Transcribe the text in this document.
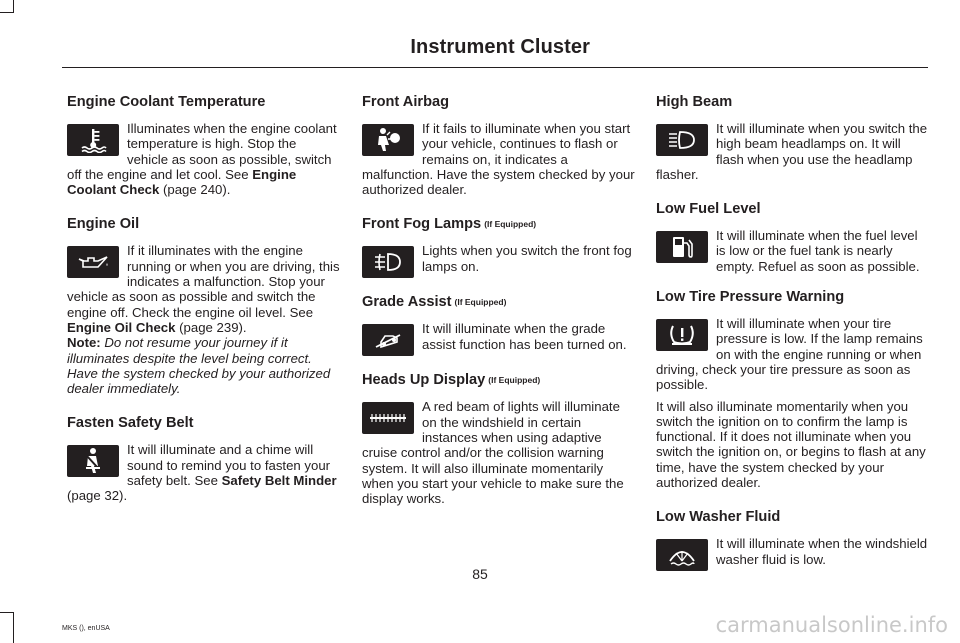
Instrument Cluster
Engine Coolant Temperature

Illuminates when the engine coolant temperature is high. Stop the vehicle as soon as possible, switch off the engine and let cool. See Engine Coolant Check (page 240).

Engine Oil

If it illuminates with the engine running or when you are driving, this indicates a malfunction. Stop your vehicle as soon as possible and switch the engine off. Check the engine oil level. See Engine Oil Check (page 239).

Note: Do not resume your journey if it illuminates despite the level being correct. Have the system checked by your authorized dealer immediately.

Fasten Safety Belt

It will illuminate and a chime will sound to remind you to fasten your safety belt. See Safety Belt Minder (page 32).

Front Airbag

If it fails to illuminate when you start your vehicle, continues to flash or remains on, it indicates a malfunction. Have the system checked by your authorized dealer.

Front Fog Lamps (If Equipped)

Lights when you switch the front fog lamps on.

Grade Assist (If Equipped)

It will illuminate when the grade assist function has been turned on.

Heads Up Display (If Equipped)

A red beam of lights will illuminate on the windshield in certain instances when using adaptive cruise control and/or the collision warning system. It will also illuminate momentarily when you start your vehicle to make sure the display works.

High Beam

It will illuminate when you switch the high beam headlamps on. It will flash when you use the headlamp flasher.

Low Fuel Level

It will illuminate when the fuel level is low or the fuel tank is nearly empty. Refuel as soon as possible.

Low Tire Pressure Warning

It will illuminate when your tire pressure is low. If the lamp remains on with the engine running or when driving, check your tire pressure as soon as possible.

It will also illuminate momentarily when you switch the ignition on to confirm the lamp is functional. If it does not illuminate when you switch the ignition on, or begins to flash at any time, have the system checked by your authorized dealer.

Low Washer Fluid

It will illuminate when the windshield washer fluid is low.

85
MKS (), enUSA	carmanualsonline.info
